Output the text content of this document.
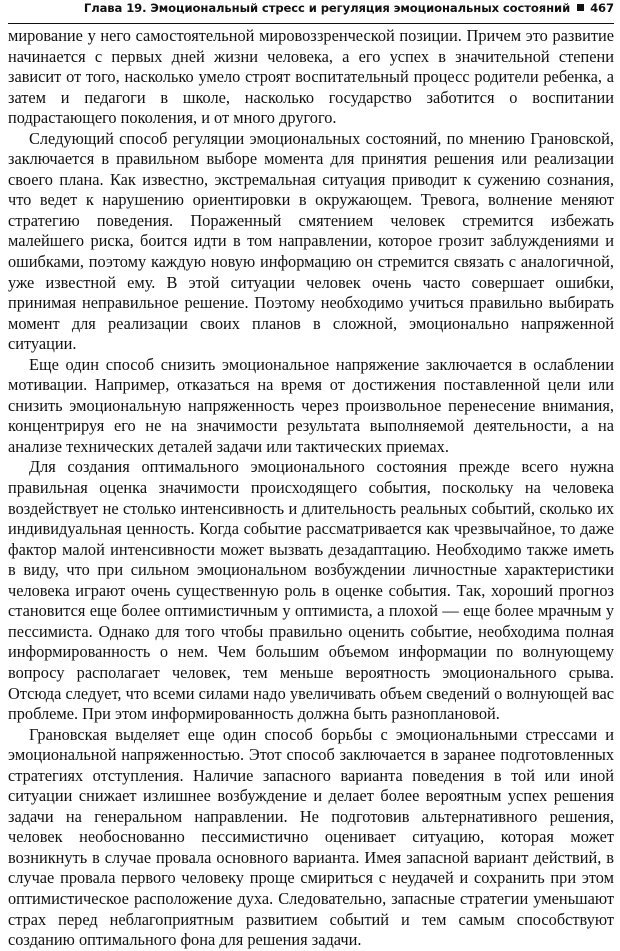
Глава 19. Эмоциональный стресс и регуляция эмоциональных состояний 467

мирование у него самостоятельной мировоззренческой позиции. Причем это развитие начинается с первых дней жизни человека, а его успех в значительной степени зависит от того, насколько умело строят воспитательный процесс родители ребенка, а затем и педагоги в школе, насколько государство заботится о воспитании подрастающего поколения, и от много другого.

Следующий способ регуляции эмоциональных состояний, по мнению Грановской, заключается в правильном выборе момента для принятия решения или реализации своего плана. Как известно, экстремальная ситуация приводит к сужению сознания, что ведет к нарушению ориентировки в окружающем. Тревога, волнение меняют стратегию поведения. Пораженный смятением человек стремится избежать малейшего риска, боится идти в том направлении, которое грозит заблуждениями и ошибками, поэтому каждую новую информацию он стремится связать с аналогичной, уже известной ему. В этой ситуации человек очень часто совершает ошибки, принимая неправильное решение. Поэтому необходимо учиться правильно выбирать момент для реализации своих планов в сложной, эмоционально напряженной ситуации.

Еще один способ снизить эмоциональное напряжение заключается в ослаблении мотивации. Например, отказаться на время от достижения поставленной цели или снизить эмоциональную напряженность через произвольное перенесение внимания, концентрируя его не на значимости результата выполняемой деятельности, а на анализе технических деталей задачи или тактических приемах.

Для создания оптимального эмоционального состояния прежде всего нужна правильная оценка значимости происходящего события, поскольку на человека воздействует не столько интенсивность и длительность реальных событий, сколько их индивидуальная ценность. Когда событие рассматривается как чрезвычайное, то даже фактор малой интенсивности может вызвать дезадаптацию. Необходимо также иметь в виду, что при сильном эмоциональном возбуждении личностные характеристики человека играют очень существенную роль в оценке события. Так, хороший прогноз становится еще более оптимистичным у оптимиста, а плохой — еще более мрачным у пессимиста. Однако для того чтобы правильно оценить событие, необходима полная информированность о нем. Чем большим объемом информации по волнующему вопросу располагает человек, тем меньше вероятность эмоционального срыва. Отсюда следует, что всеми силами надо увеличивать объем сведений о волнующей вас проблеме. При этом информированность должна быть разноплановой.

Грановская выделяет еще один способ борьбы с эмоциональными стрессами и эмоциональной напряженностью. Этот способ заключается в заранее подготовленных стратегиях отступления. Наличие запасного варианта поведения в той или иной ситуации снижает излишнее возбуждение и делает более вероятным успех решения задачи на генеральном направлении. Не подготовив альтернативного решения, человек необоснованно пессимистично оценивает ситуацию, которая может возникнуть в случае провала основного варианта. Имея запасной вариант действий, в случае провала первого человеку проще смириться с неудачей и сохранить при этом оптимистическое расположение духа. Следовательно, запасные стратегии уменьшают страх перед неблагоприятным развитием событий и тем самым способствуют созданию оптимального фона для решения задачи.
